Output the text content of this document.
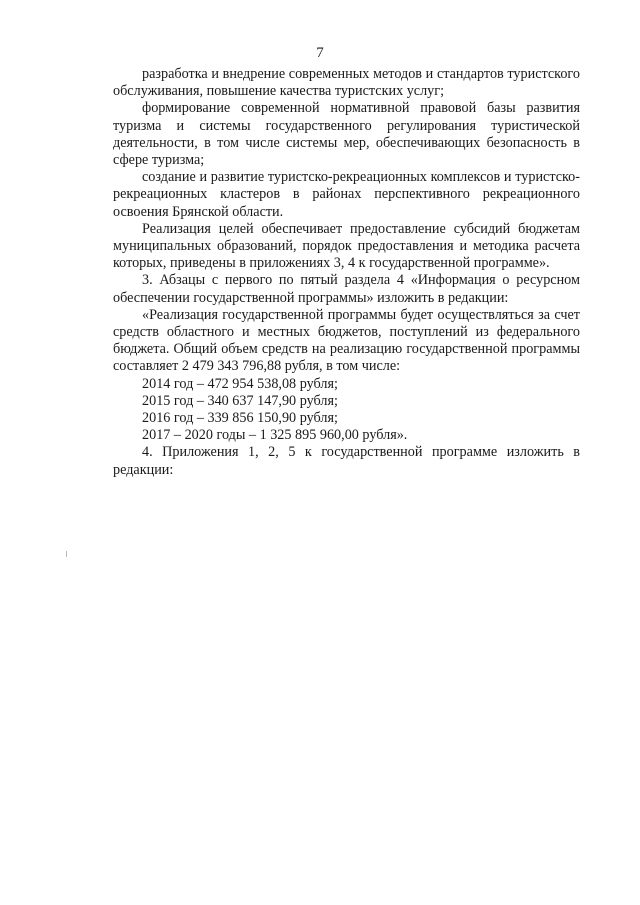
7

разработка и внедрение современных методов и стандартов туристского обслуживания, повышение качества туристских услуг;

формирование современной нормативной правовой базы развития туризма и системы государственного регулирования туристической деятельности, в том числе системы мер, обеспечивающих безопасность в сфере туризма;

создание и развитие туристско-рекреационных комплексов и туристско-рекреационных кластеров в районах перспективного рекреационного освоения Брянской области.

Реализация целей обеспечивает предоставление субсидий бюджетам муниципальных образований, порядок предоставления и методика расчета которых, приведены в приложениях 3, 4 к государственной программе».

3. Абзацы с первого по пятый раздела 4 «Информация о ресурсном обеспечении государственной программы» изложить в редакции:

«Реализация государственной программы будет осуществляться за счет средств областного и местных бюджетов, поступлений из федерального бюджета. Общий объем средств на реализацию государственной программы составляет 2 479 343 796,88 рубля, в том числе:

2014 год – 472 954 538,08 рубля;

2015 год – 340 637 147,90 рубля;

2016 год – 339 856 150,90 рубля;

2017 – 2020 годы – 1 325 895 960,00 рубля».

4. Приложения 1, 2, 5 к государственной программе изложить в редакции:
